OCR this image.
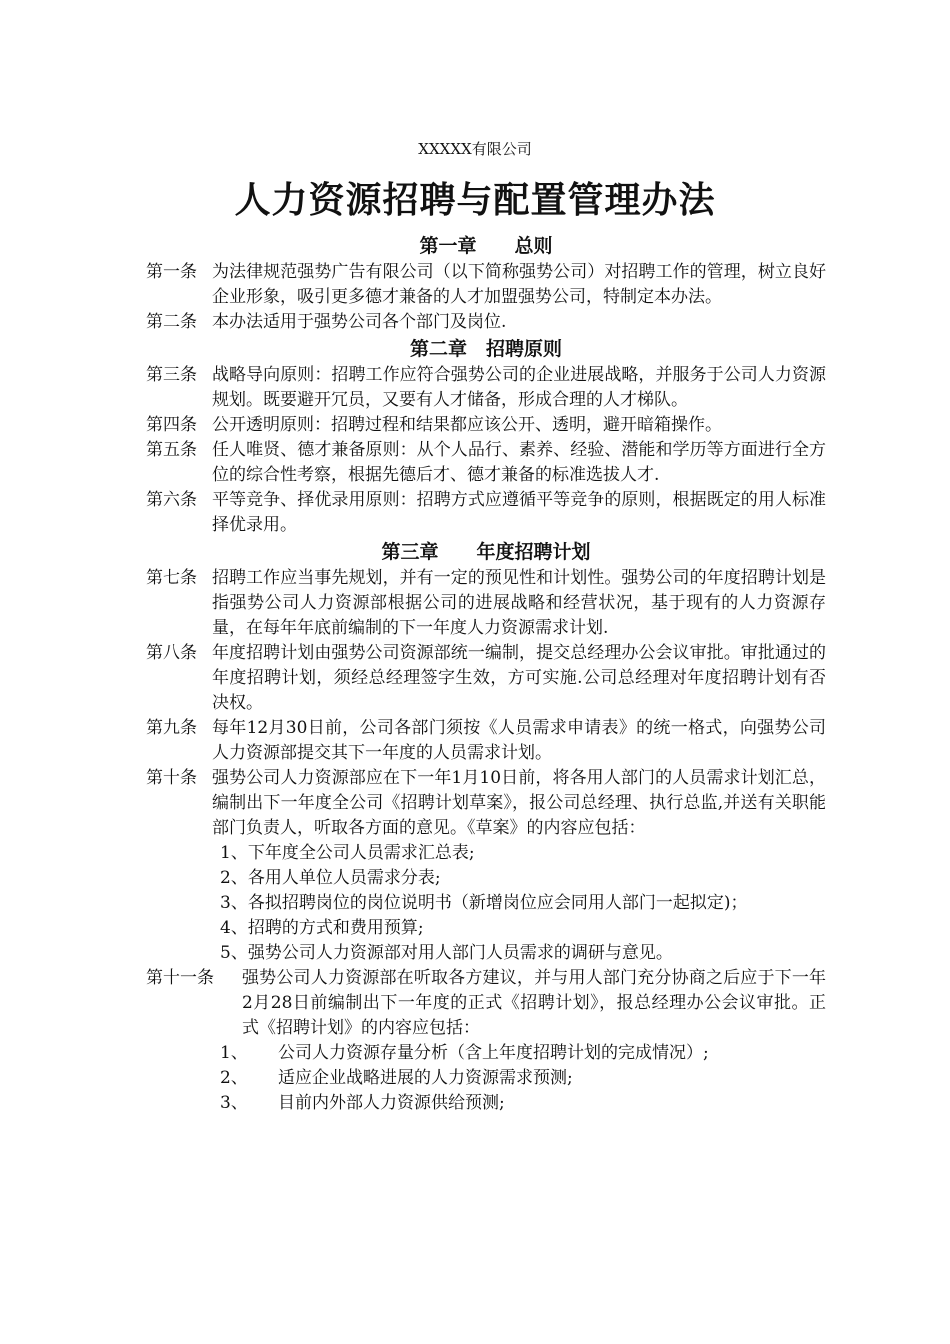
XXXXX有限公司
人力资源招聘与配置管理办法
第一章　　总则
第一条 为法律规范强势广告有限公司（以下简称强势公司）对招聘工作的管理，树立良好企业形象，吸引更多德才兼备的人才加盟强势公司，特制定本办法。
第二条 本办法适用于强势公司各个部门及岗位.
第二章　招聘原则
第三条 战略导向原则：招聘工作应符合强势公司的企业进展战略，并服务于公司人力资源规划。既要避开冗员，又要有人才储备，形成合理的人才梯队。
第四条 公开透明原则：招聘过程和结果都应该公开、透明，避开暗箱操作。
第五条 任人唯贤、德才兼备原则：从个人品行、素养、经验、潜能和学历等方面进行全方位的综合性考察，根据先德后才、德才兼备的标准选拔人才.
第六条 平等竞争、择优录用原则：招聘方式应遵循平等竞争的原则，根据既定的用人标准择优录用。
第三章　　年度招聘计划
第七条 招聘工作应当事先规划，并有一定的预见性和计划性。强势公司的年度招聘计划是指强势公司人力资源部根据公司的进展战略和经营状况，基于现有的人力资源存量，在每年年底前编制的下一年度人力资源需求计划.
第八条 年度招聘计划由强势公司资源部统一编制，提交总经理办公会议审批。审批通过的年度招聘计划，须经总经理签字生效，方可实施.公司总经理对年度招聘计划有否决权。
第九条 每年12月30日前，公司各部门须按《人员需求申请表》的统一格式，向强势公司人力资源部提交其下一年度的人员需求计划。
第十条 强势公司人力资源部应在下一年1月10日前，将各用人部门的人员需求计划汇总，编制出下一年度全公司《招聘计划草案》，报公司总经理、执行总监,并送有关职能部门负责人，听取各方面的意见。《草案》的内容应包括：
1、下年度全公司人员需求汇总表;
2、各用人单位人员需求分表;
3、各拟招聘岗位的岗位说明书（新增岗位应会同用人部门一起拟定)；
4、招聘的方式和费用预算;
5、强势公司人力资源部对用人部门人员需求的调研与意见。
第十一条	强势公司人力资源部在听取各方建议，并与用人部门充分协商之后应于下一年2月28日前编制出下一年度的正式《招聘计划》，报总经理办公会议审批。正式《招聘计划》的内容应包括：
1、	公司人力资源存量分析（含上年度招聘计划的完成情况）;
2、	适应企业战略进展的人力资源需求预测;
3、	目前内外部人力资源供给预测;
